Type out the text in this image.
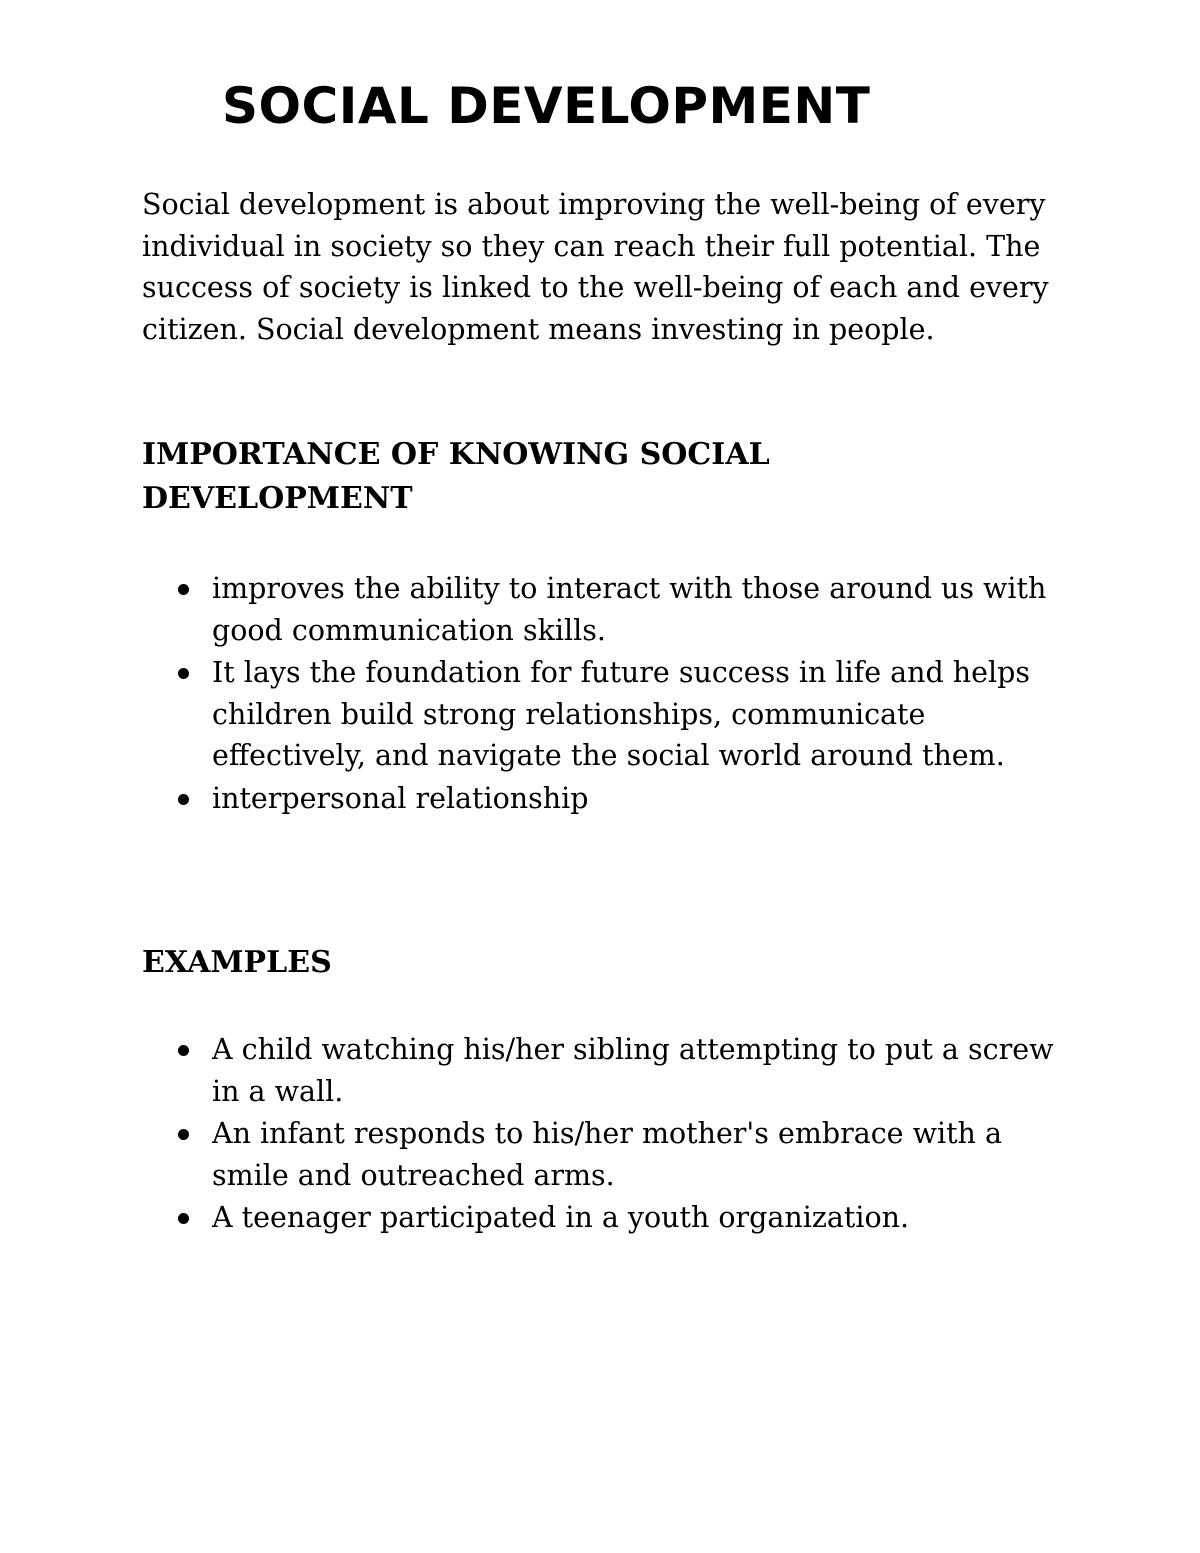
SOCIAL DEVELOPMENT

Social development is about improving the well-being of every individual in society so they can reach their full potential. The success of society is linked to the well-being of each and every citizen. Social development means investing in people.

IMPORTANCE OF KNOWING SOCIAL DEVELOPMENT
improves the ability to interact with those around us with good communication skills.
It lays the foundation for future success in life and helps children build strong relationships, communicate effectively, and navigate the social world around them.
interpersonal relationship
EXAMPLES
A child watching his/her sibling attempting to put a screw in a wall.
An infant responds to his/her mother's embrace with a smile and outreached arms.
A teenager participated in a youth organization.
